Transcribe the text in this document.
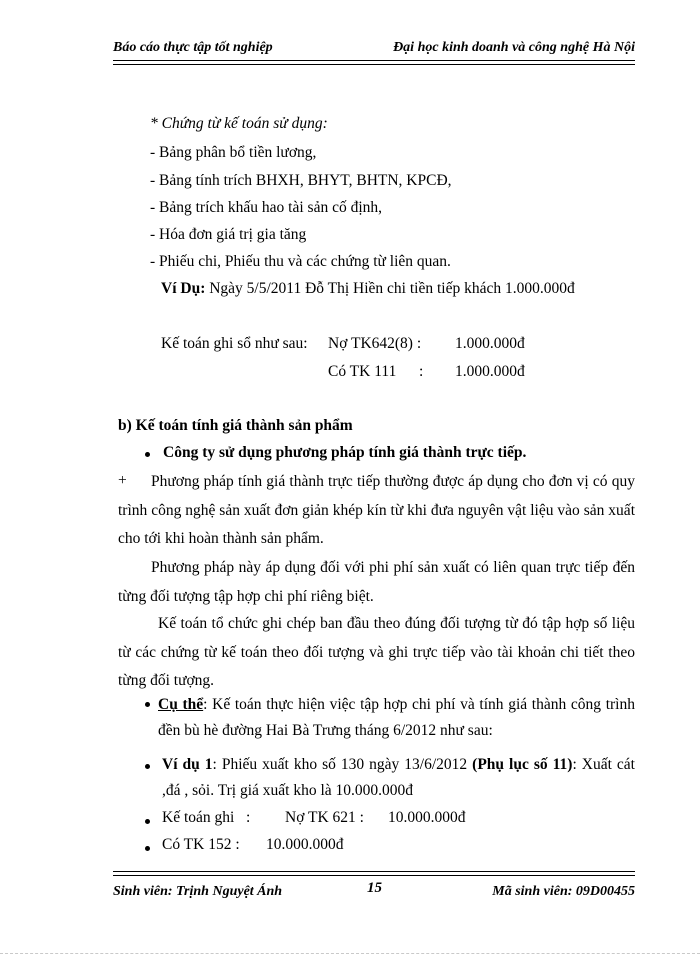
Báo cáo thực tập tốt nghiệp	Đại học kinh doanh và công nghệ Hà Nội
* Chứng từ kế toán sử dụng:
- Bảng phân bổ tiền lương,
- Bảng tính trích BHXH, BHYT, BHTN, KPCĐ,
- Bảng trích khấu hao tài sản cố định,
- Hóa đơn giá trị gia tăng
- Phiếu chi, Phiếu thu và các chứng từ liên quan.
Ví Dụ: Ngày 5/5/2011 Đỗ Thị Hiền chi tiền tiếp khách 1.000.000đ
Kế toán ghi sổ như sau: Nợ TK642(8) : 1.000.000đ
Có TK 111 : 1.000.000đ
b) Kế toán tính giá thành sản phẩm
Công ty sử dụng phương pháp tính giá thành trực tiếp.
+	Phương pháp tính giá thành trực tiếp thường được áp dụng cho đơn vị có quy trình công nghệ sản xuất đơn giản khép kín từ khi đưa nguyên vật liệu vào sản xuất cho tới khi hoàn thành sản phẩm.
Phương pháp này áp dụng đối với phi phí sản xuất có liên quan trực tiếp đến từng đối tượng tập hợp chi phí riêng biệt.
Kế toán tổ chức ghi chép ban đầu theo đúng đối tượng từ đó tập hợp số liệu từ các chứng từ kế toán theo đối tượng và ghi trực tiếp vào tài khoản chi tiết theo từng đối tượng.
Cụ thể: Kế toán thực hiện việc tập hợp chi phí và tính giá thành công trình đền bù hè đường Hai Bà Trưng tháng 6/2012 như sau:
Ví dụ 1: Phiếu xuất kho số 130 ngày 13/6/2012 (Phụ lục số 11): Xuất cát ,đá , sỏi. Trị giá xuất kho là 10.000.000đ
Kế toán ghi   : Nợ TK 621 : 10.000.000đ
Có TK 152 : 10.000.000đ
Sinh viên: Trịnh Nguyệt Ánh	15	Mã sinh viên: 09D00455
